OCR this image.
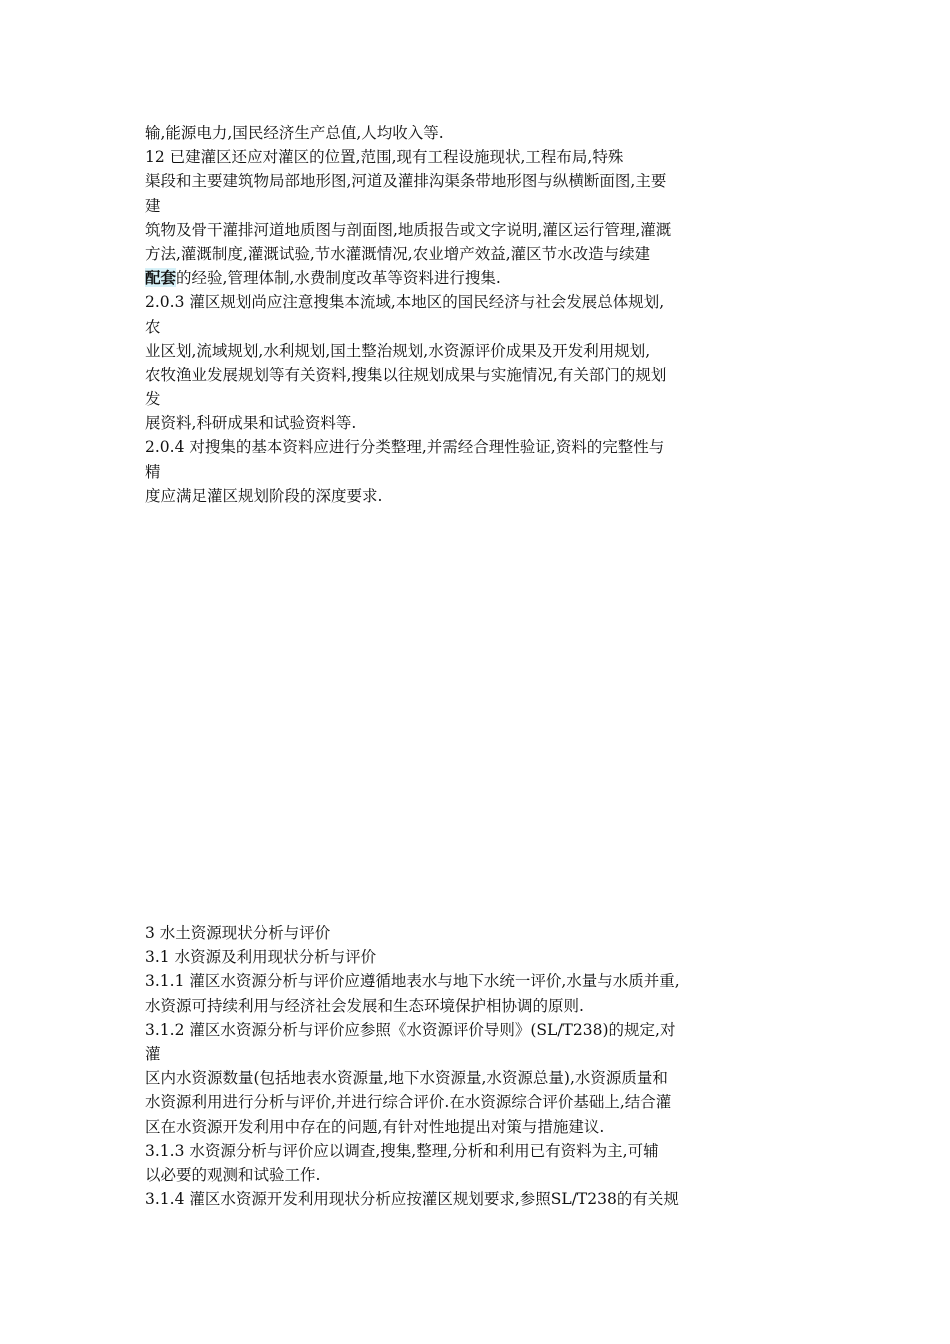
输,能源电力,国民经济生产总值,人均收入等.
12 已建灌区还应对灌区的位置,范围,现有工程设施现状,工程布局,特殊
渠段和主要建筑物局部地形图,河道及灌排沟渠条带地形图与纵横断面图,主要
建
筑物及骨干灌排河道地质图与剖面图,地质报告或文字说明,灌区运行管理,灌溉
方法,灌溉制度,灌溉试验,节水灌溉情况,农业增产效益,灌区节水改造与续建
配套的经验,管理体制,水费制度改革等资料进行搜集.
2.0.3 灌区规划尚应注意搜集本流域,本地区的国民经济与社会发展总体规划,
农
业区划,流域规划,水利规划,国土整治规划,水资源评价成果及开发利用规划,
农牧渔业发展规划等有关资料,搜集以往规划成果与实施情况,有关部门的规划
发
展资料,科研成果和试验资料等.
2.0.4 对搜集的基本资料应进行分类整理,并需经合理性验证,资料的完整性与
精
度应满足灌区规划阶段的深度要求.
3 水土资源现状分析与评价
3.1 水资源及利用现状分析与评价
3.1.1 灌区水资源分析与评价应遵循地表水与地下水统一评价,水量与水质并重,
水资源可持续利用与经济社会发展和生态环境保护相协调的原则.
3.1.2 灌区水资源分析与评价应参照《水资源评价导则》(SL/T238)的规定,对
灌
区内水资源数量(包括地表水资源量,地下水资源量,水资源总量),水资源质量和
水资源利用进行分析与评价,并进行综合评价.在水资源综合评价基础上,结合灌
区在水资源开发利用中存在的问题,有针对性地提出对策与措施建议.
3.1.3 水资源分析与评价应以调查,搜集,整理,分析和利用已有资料为主,可辅
以必要的观测和试验工作.
3.1.4 灌区水资源开发利用现状分析应按灌区规划要求,参照SL/T238的有关规
